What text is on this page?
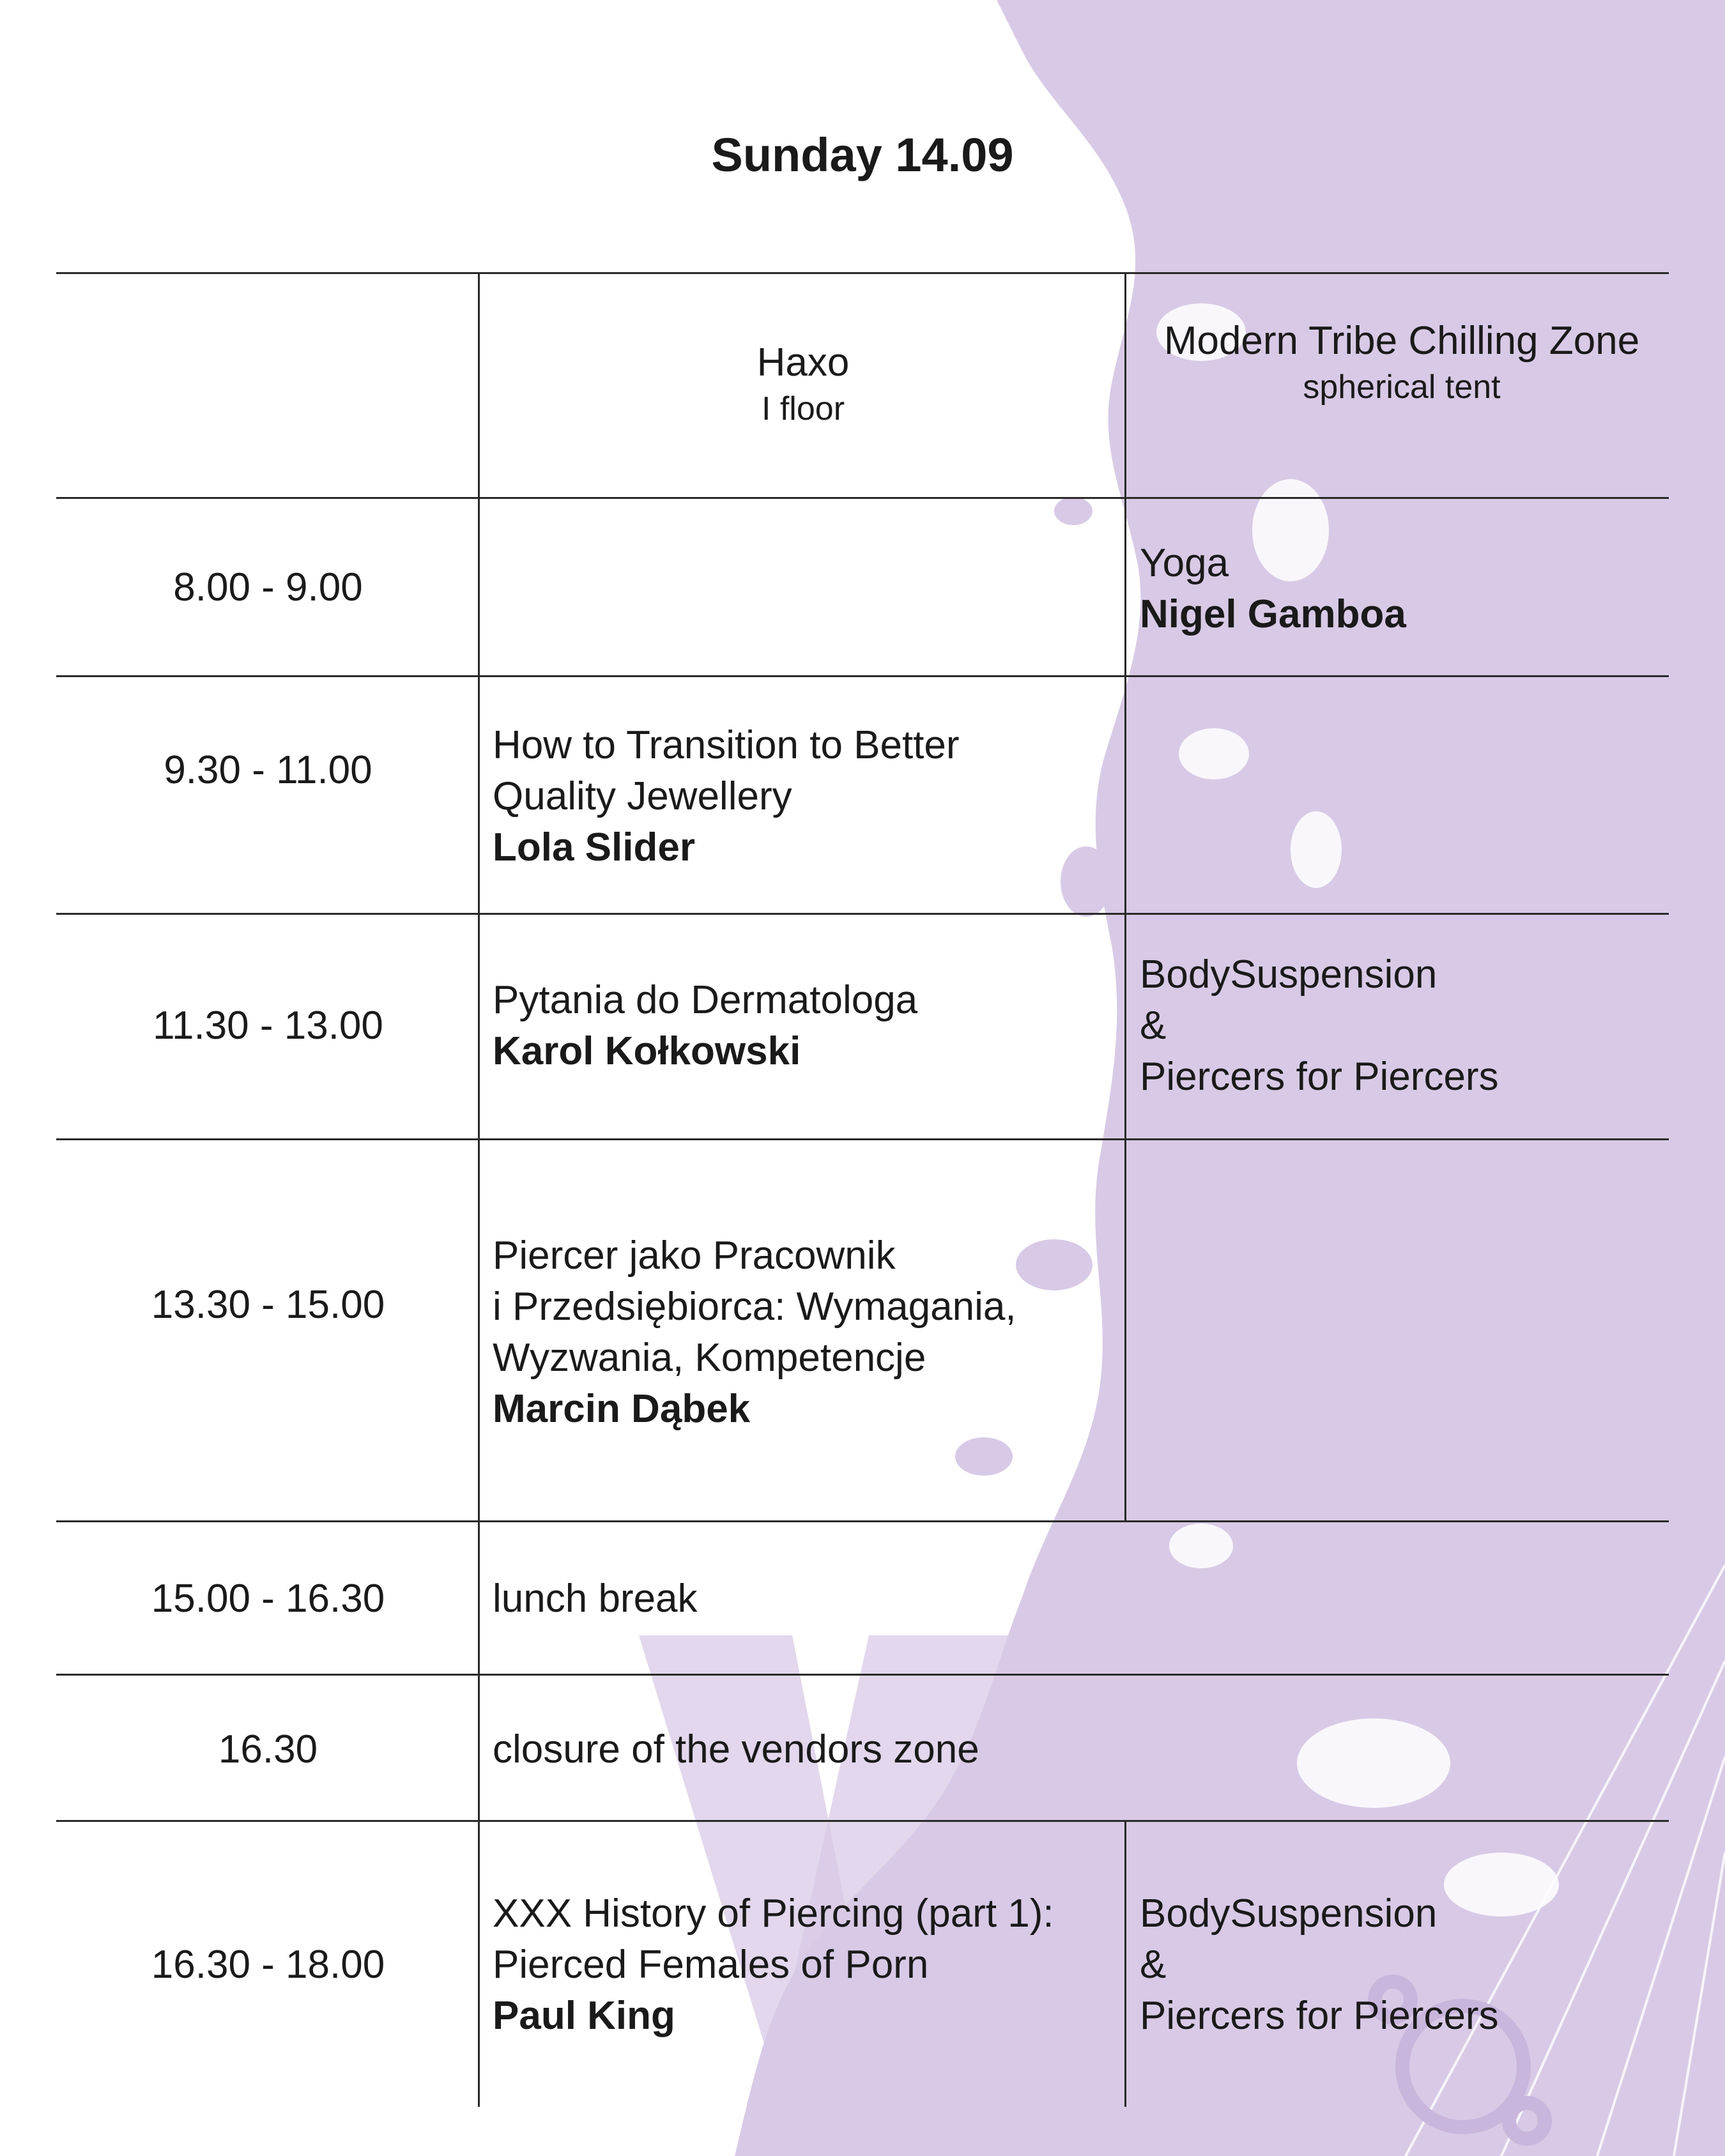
Sunday 14.09
Haxo
I floor
Modern Tribe Chilling Zone
spherical tent
8.00 - 9.00
Yoga
Nigel Gamboa
9.30 - 11.00
How to Transition to Better
Quality Jewellery
Lola Slider
11.30 - 13.00
Pytania do Dermatologa
Karol Kołkowski
BodySuspension
&
Piercers for Piercers
13.30 - 15.00
Piercer jako Pracownik
i Przedsiębiorca: Wymagania,
Wyzwania, Kompetencje
Marcin Dąbek
15.00 - 16.30	lunch break
16.30	closure of the vendors zone
16.30 - 18.00
XXX History of Piercing (part 1):
Pierced Females of Porn
Paul King
BodySuspension
&
Piercers for Piercers
